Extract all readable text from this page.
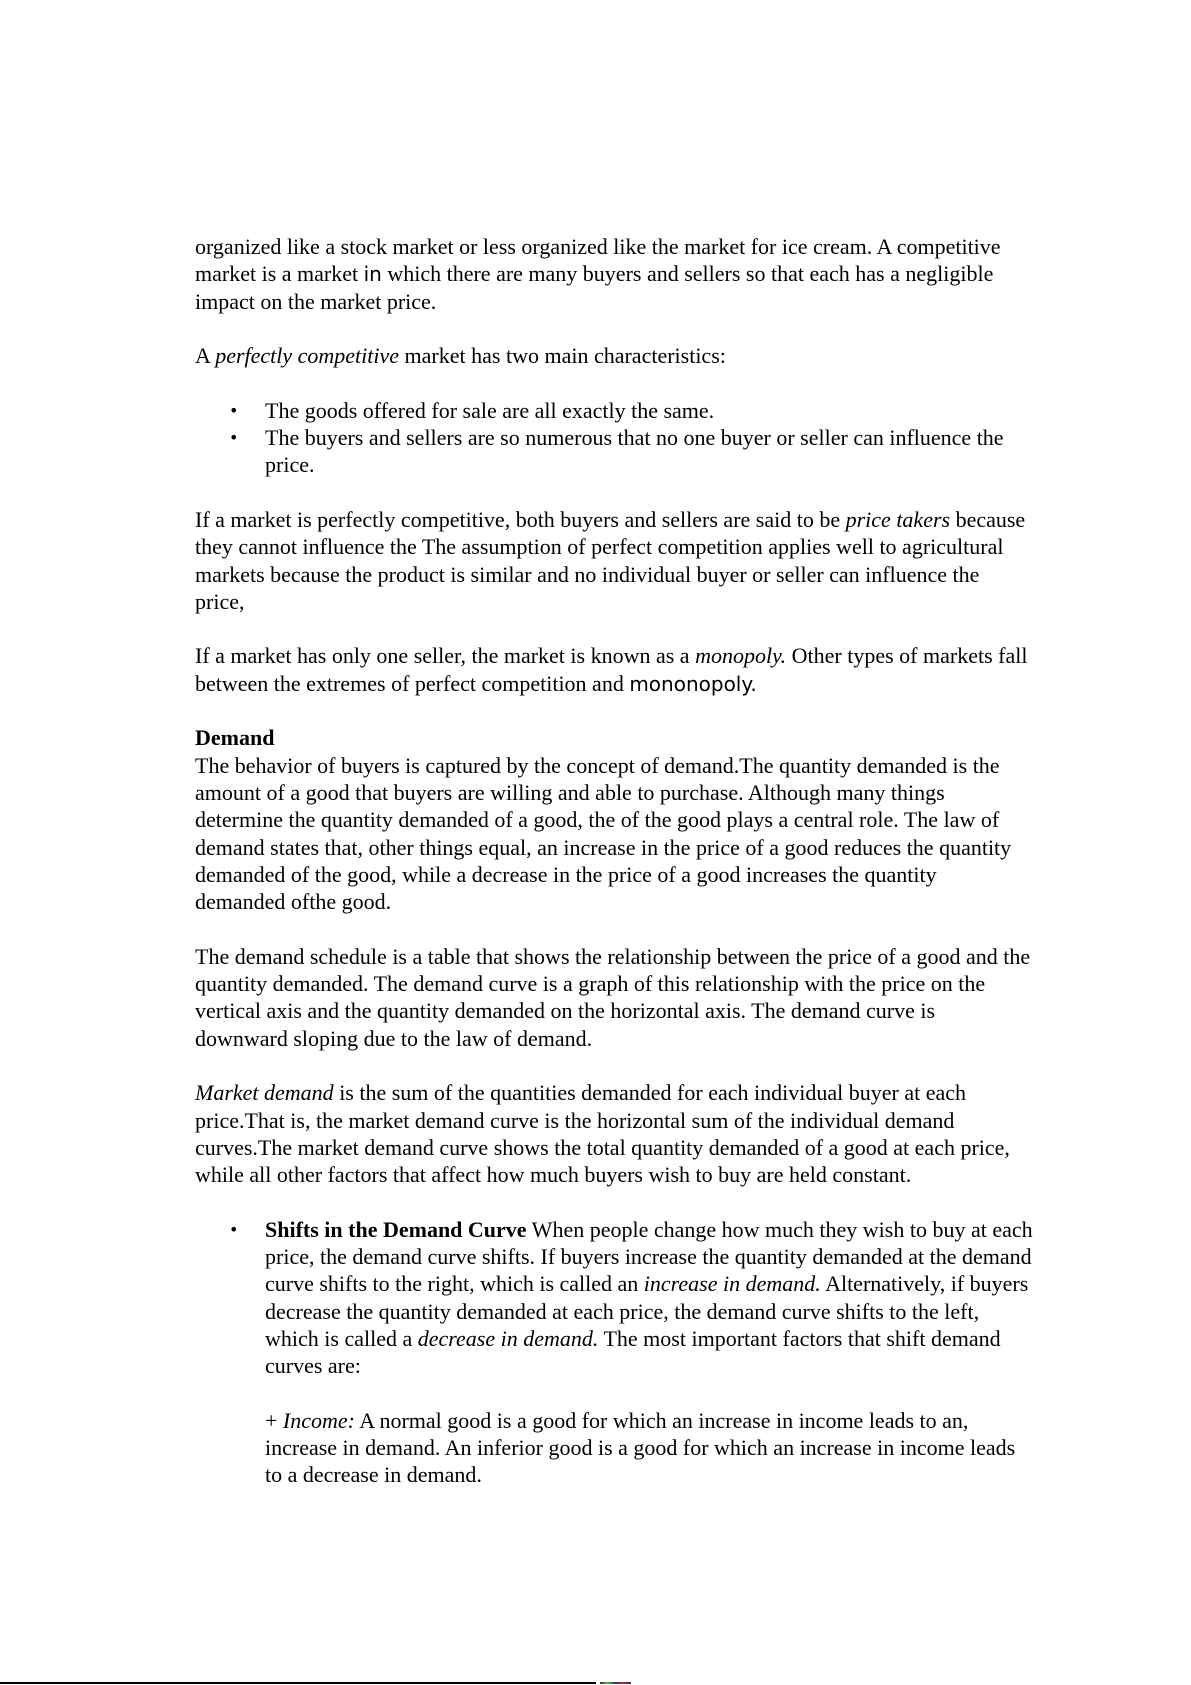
organized like a stock market or less organized like the market for ice cream. A competitive
market is a market in which there are many buyers and sellers so that each has a negligible
impact on the market price.
A perfectly competitive market has two main characteristics:
• The goods offered for sale are all exactly the same.
• The buyers and sellers are so numerous that no one buyer or seller can influence the
price.
If a market is perfectly competitive, both buyers and sellers are said to be price takers because
they cannot influence the The assumption of perfect competition applies well to agricultural
markets because the product is similar and no individual buyer or seller can influence the
price,
If a market has only one seller, the market is known as a monopoly. Other types of markets fall
between the extremes of perfect competition and mononopoly.
Demand
The behavior of buyers is captured by the concept of demand.The quantity demanded is the
amount of a good that buyers are willing and able to purchase. Although many things
determine the quantity demanded of a good, the of the good plays a central role. The law of
demand states that, other things equal, an increase in the price of a good reduces the quantity
demanded of the good, while a decrease in the price of a good increases the quantity
demanded ofthe good.
The demand schedule is a table that shows the relationship between the price of a good and the
quantity demanded. The demand curve is a graph of this relationship with the price on the
vertical axis and the quantity demanded on the horizontal axis. The demand curve is
downward sloping due to the law of demand.
Market demand is the sum of the quantities demanded for each individual buyer at each
price.That is, the market demand curve is the horizontal sum of the individual demand
curves.The market demand curve shows the total quantity demanded of a good at each price,
while all other factors that affect how much buyers wish to buy are held constant.
• Shifts in the Demand Curve When people change how much they wish to buy at each
price, the demand curve shifts. If buyers increase the quantity demanded at the demand
curve shifts to the right, which is called an increase in demand. Alternatively, if buyers
decrease the quantity demanded at each price, the demand curve shifts to the left,
which is called a decrease in demand. The most important factors that shift demand
curves are:
+ Income: A normal good is a good for which an increase in income leads to an,
increase in demand. An inferior good is a good for which an increase in income leads
to a decrease in demand.
